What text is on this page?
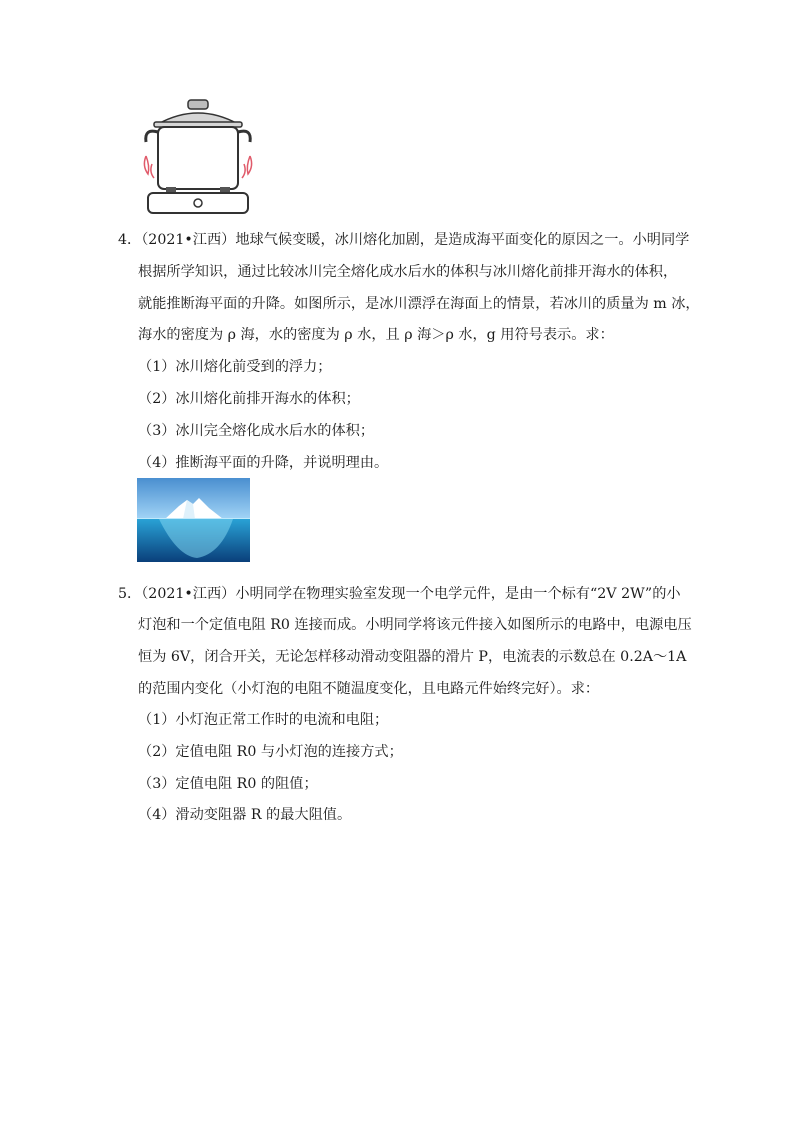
4．（2021•江西）地球气候变暖，冰川熔化加剧，是造成海平面变化的原因之一。小明同学
根据所学知识，通过比较冰川完全熔化成水后水的体积与冰川熔化前排开海水的体积，
就能推断海平面的升降。如图所示，是冰川漂浮在海面上的情景，若冰川的质量为 m 冰，
海水的密度为 ρ 海，水的密度为 ρ 水，且 ρ 海＞ρ 水，g 用符号表示。求：
（1）冰川熔化前受到的浮力；
（2）冰川熔化前排开海水的体积；
（3）冰川完全熔化成水后水的体积；
（4）推断海平面的升降，并说明理由。
5．（2021•江西）小明同学在物理实验室发现一个电学元件，是由一个标有“2V 2W”的小
灯泡和一个定值电阻 R0 连接而成。小明同学将该元件接入如图所示的电路中，电源电压
恒为 6V，闭合开关，无论怎样移动滑动变阻器的滑片 P，电流表的示数总在 0.2A～1A
的范围内变化（小灯泡的电阻不随温度变化，且电路元件始终完好）。求：
（1）小灯泡正常工作时的电流和电阻；
（2）定值电阻 R0 与小灯泡的连接方式；
（3）定值电阻 R0 的阻值；
（4）滑动变阻器 R 的最大阻值。
